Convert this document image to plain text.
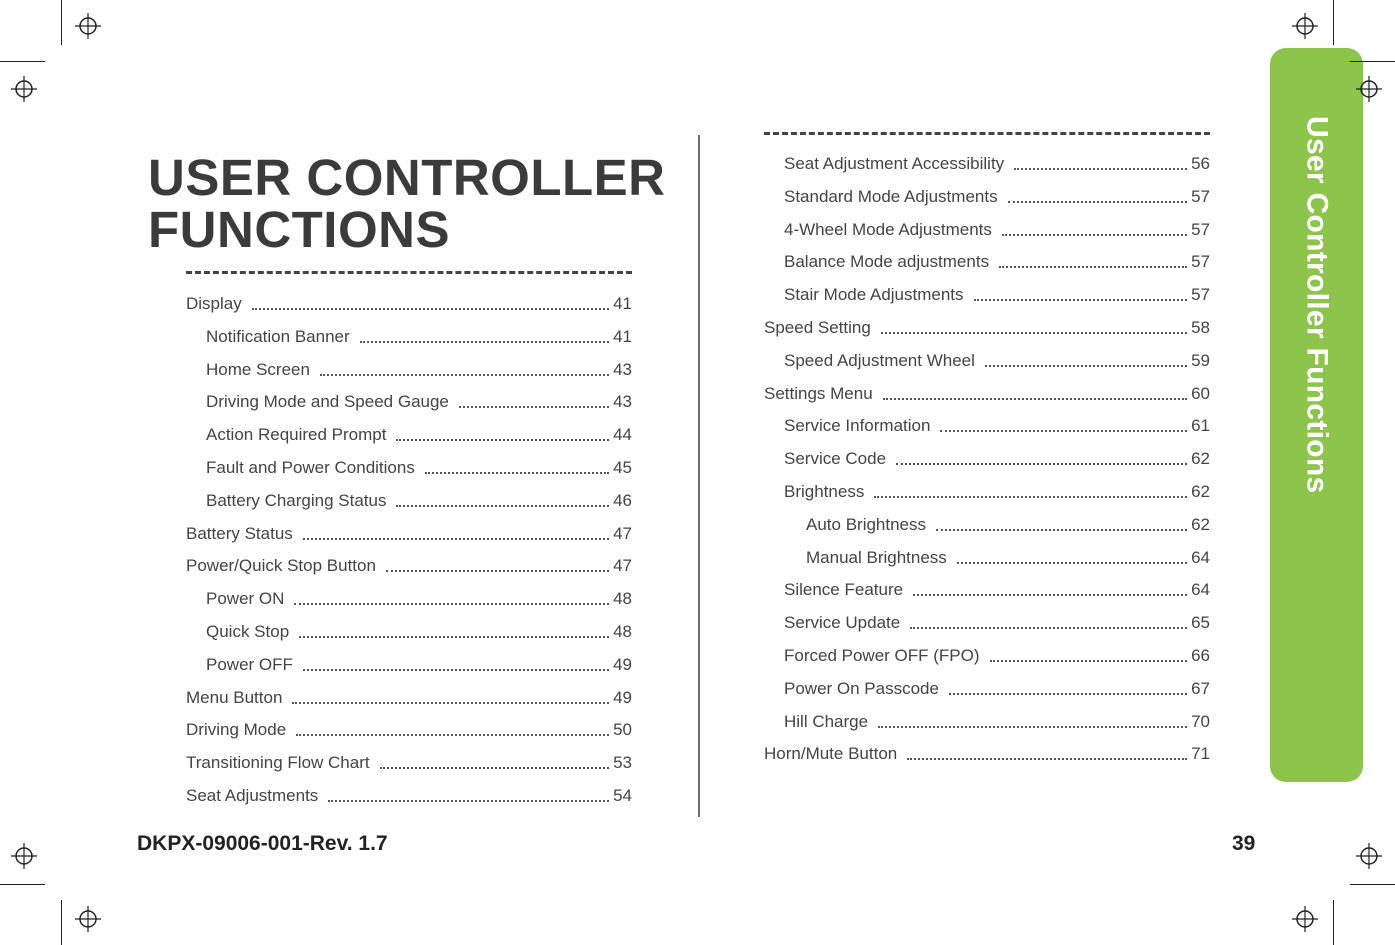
USER CONTROLLER
FUNCTIONS
Display	41
Notification Banner	41
Home Screen	43
Driving Mode and Speed Gauge	43
Action Required Prompt	44
Fault and Power Conditions	45
Battery Charging Status	46
Battery Status	47
Power/Quick Stop Button	47
Power ON	48
Quick Stop	48
Power OFF	49
Menu Button	49
Driving Mode	50
Transitioning Flow Chart	53
Seat Adjustments	54
Seat Adjustment Accessibility	56
Standard Mode Adjustments	57
4-Wheel Mode Adjustments	57
Balance Mode adjustments	57
Stair Mode Adjustments	57
Speed Setting	58
Speed Adjustment Wheel	59
Settings Menu	60
Service Information	61
Service Code	62
Brightness	62
Auto Brightness	62
Manual Brightness	64
Silence Feature	64
Service Update	65
Forced Power OFF (FPO)	66
Power On Passcode	67
Hill Charge	70
Horn/Mute Button	71
User Controller Functions
DKPX-09006-001-Rev. 1.7	39
